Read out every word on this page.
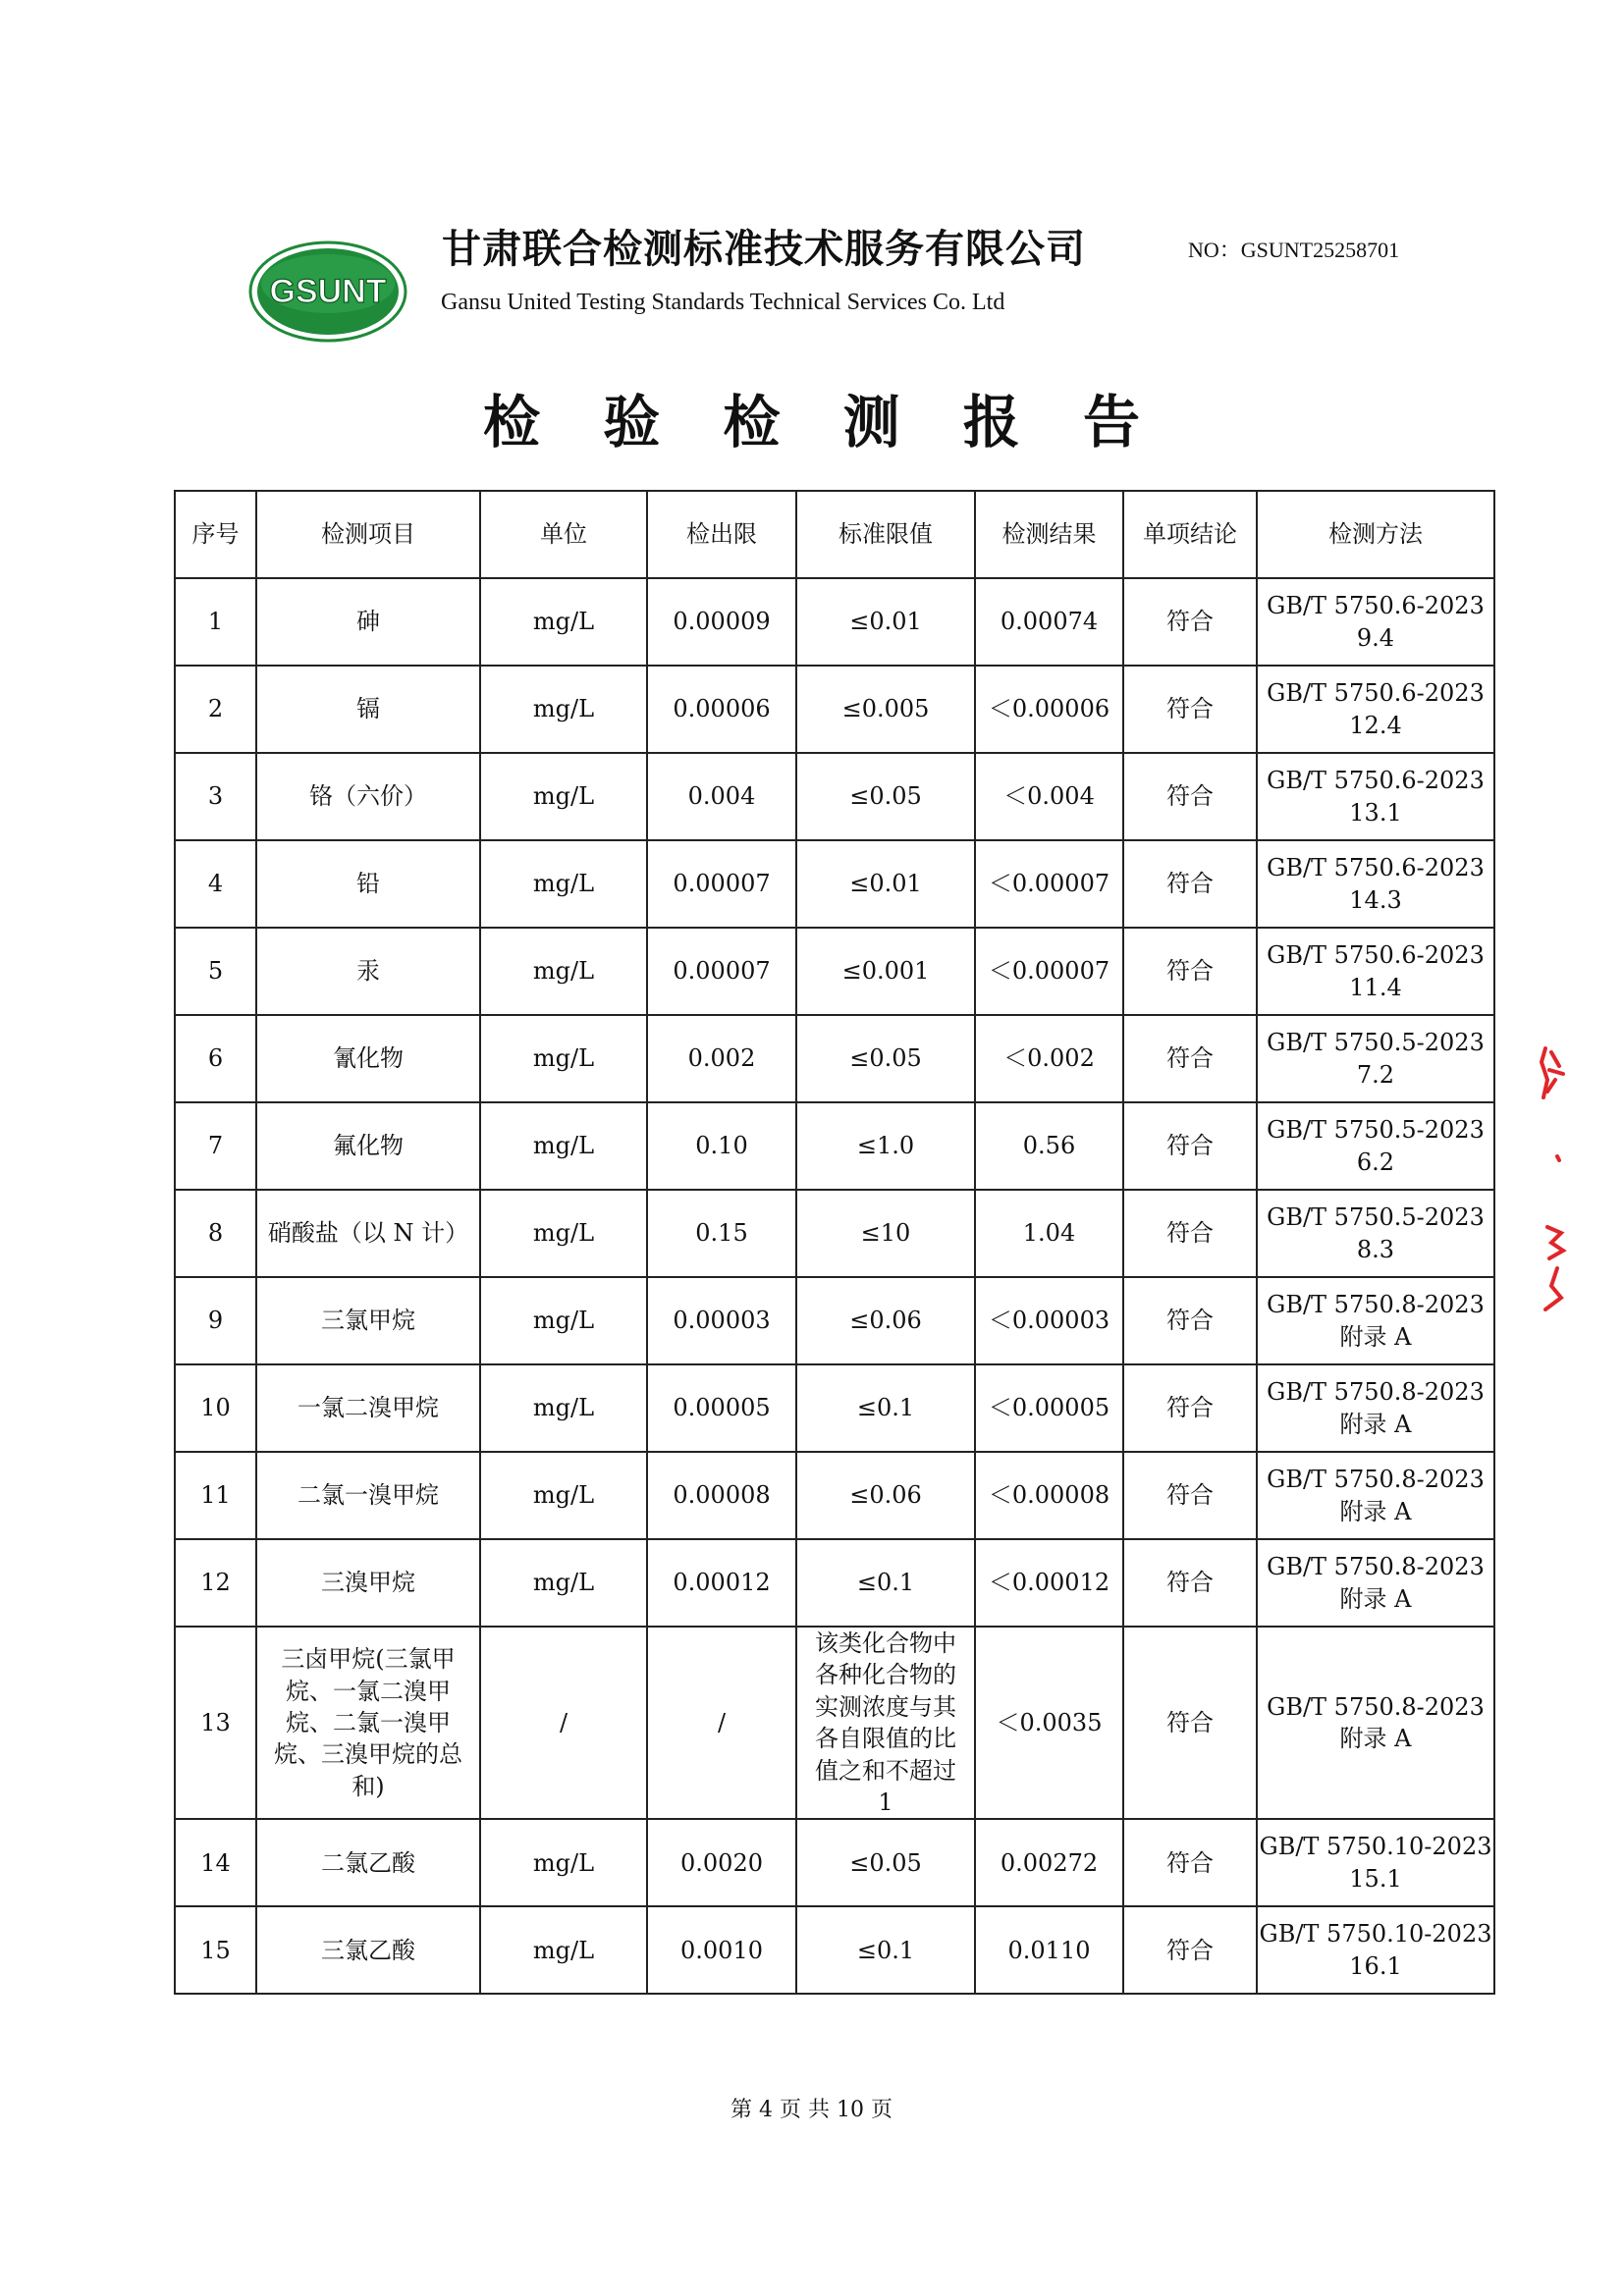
GSUNT
甘肃联合检测标准技术服务有限公司
Gansu United Testing Standards Technical Services Co. Ltd
NO：GSUNT25258701
检 验 检 测 报 告
序号	检测项目	单位	检出限	标准限值	检测结果	单项结论	检测方法
1	砷	mg/L	0.00009	≤0.01	0.00074	符合	GB/T 5750.6-2023
9.4

2	镉	mg/L	0.00006	≤0.005	＜0.00006	符合	GB/T 5750.6-2023
12.4

3	铬（六价）	mg/L	0.004	≤0.05	＜0.004	符合	GB/T 5750.6-2023
13.1

4	铅	mg/L	0.00007	≤0.01	＜0.00007	符合	GB/T 5750.6-2023
14.3

5	汞	mg/L	0.00007	≤0.001	＜0.00007	符合	GB/T 5750.6-2023
11.4

6	氰化物	mg/L	0.002	≤0.05	＜0.002	符合	GB/T 5750.5-2023
7.2

7	氟化物	mg/L	0.10	≤1.0	0.56	符合	GB/T 5750.5-2023
6.2

8	硝酸盐（以 N 计）	mg/L	0.15	≤10	1.04	符合	GB/T 5750.5-2023
8.3

9	三氯甲烷	mg/L	0.00003	≤0.06	＜0.00003	符合	GB/T 5750.8-2023
附录 A

10	一氯二溴甲烷	mg/L	0.00005	≤0.1	＜0.00005	符合	GB/T 5750.8-2023
附录 A

11	二氯一溴甲烷	mg/L	0.00008	≤0.06	＜0.00008	符合	GB/T 5750.8-2023
附录 A

12	三溴甲烷	mg/L	0.00012	≤0.1	＜0.00012	符合	GB/T 5750.8-2023
附录 A

13	三卤甲烷(三氯甲烷、一氯二溴甲烷、二氯一溴甲烷、三溴甲烷的总和)	/	/	该类化合物中各种化合物的实测浓度与其各自限值的比值之和不超过 1	＜0.0035	符合	GB/T 5750.8-2023
附录 A

14	二氯乙酸	mg/L	0.0020	≤0.05	0.00272	符合	GB/T 5750.10-2023
15.1

15	三氯乙酸	mg/L	0.0010	≤0.1	0.0110	符合	GB/T 5750.10-2023
16.1
第 4 页 共 10 页
